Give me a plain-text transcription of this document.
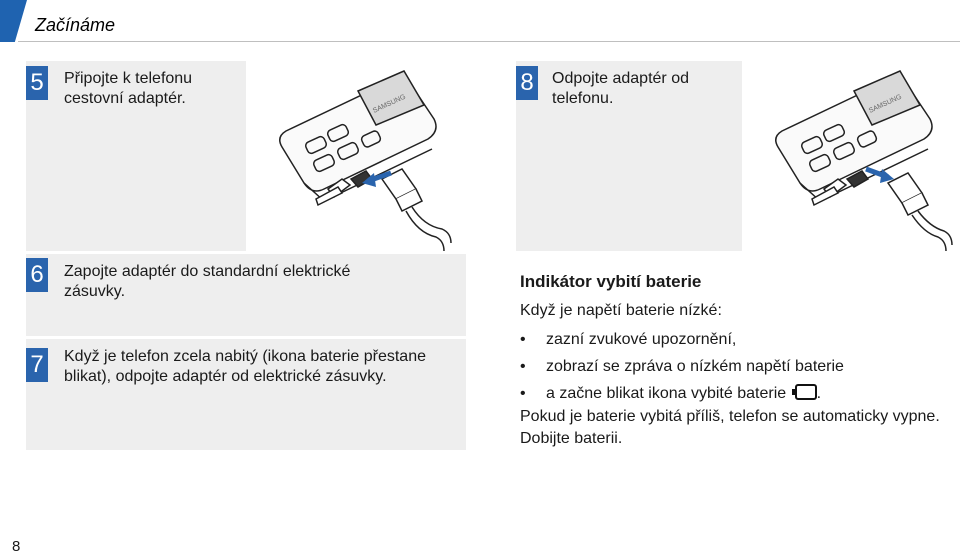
Začínáme
5 Připojte k telefonu cestovní adaptér.	SAMSUNG
8 Odpojte adaptér od telefonu.	SAMSUNG
6 Zapojte adaptér do standardní elektrické zásuvky.
7 Když je telefon zcela nabitý (ikona baterie přestane blikat), odpojte adaptér od elektrické zásuvky.
Indikátor vybití baterie
Když je napětí baterie nízké:
• zazní zvukové upozornění,
• zobrazí se zpráva o nízkém napětí baterie
• a začne blikat ikona vybité baterie .
Pokud je baterie vybitá příliš, telefon se automaticky vypne. Dobijte baterii.
8
